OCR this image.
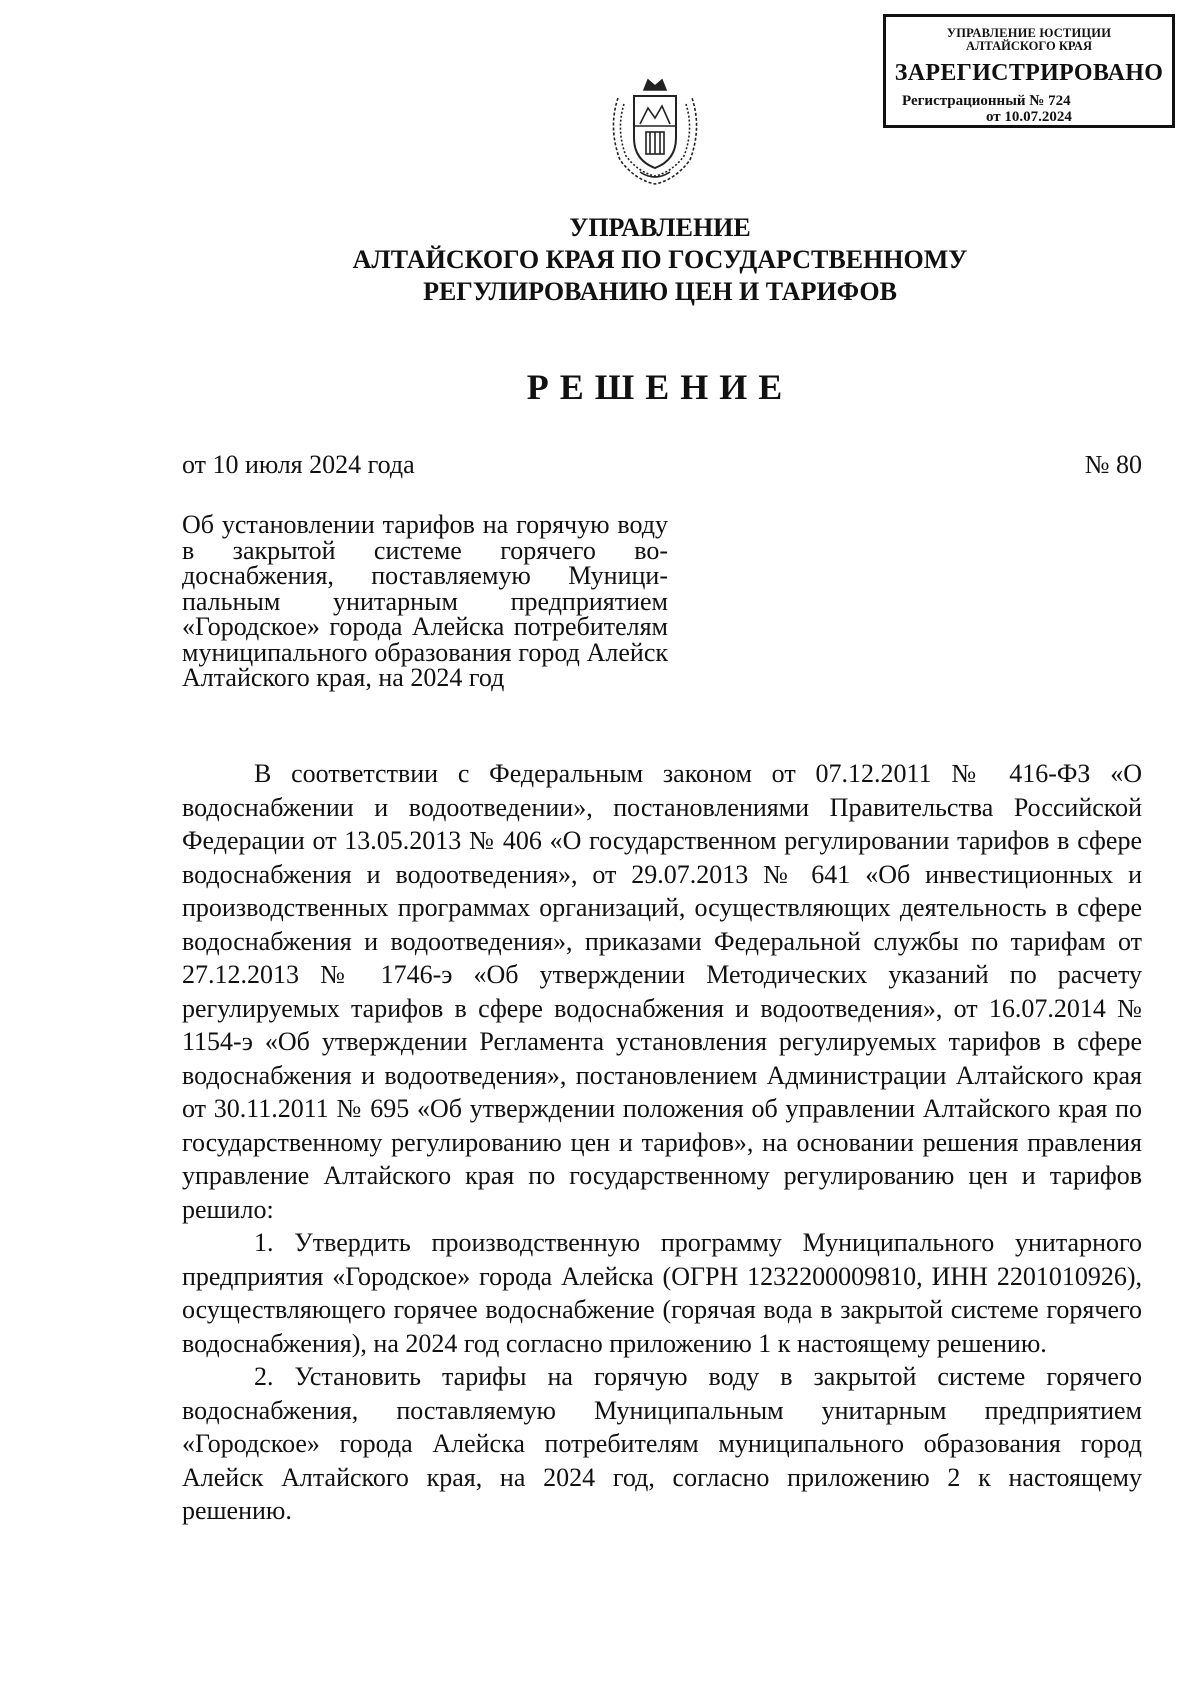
УПРАВЛЕНИЕ ЮСТИЦИИ
АЛТАЙСКОГО КРАЯ
ЗАРЕГИСТРИРОВАНО
Регистрационный № 724
от 10.07.2024
УПРАВЛЕНИЕ
АЛТАЙСКОГО КРАЯ ПО ГОСУДАРСТВЕННОМУ
РЕГУЛИРОВАНИЮ ЦЕН И ТАРИФОВ
РЕШЕНИЕ
от 10 июля 2024 года	№ 80
Об установлении тарифов на горячую воду в закрытой системе горячего водоснабжения, поставляемую Муниципальным унитарным предприятием «Городское» города Алейска потребителям муниципального образования город Алейск Алтайского края, на 2024 год

В соответствии с Федеральным законом от 07.12.2011 № 416-ФЗ «О водоснабжении и водоотведении», постановлениями Правительства Российской Федерации от 13.05.2013 № 406 «О государственном регулировании тарифов в сфере водоснабжения и водоотведения», от 29.07.2013 № 641 «Об инвестиционных и производственных программах организаций, осуществляющих деятельность в сфере водоснабжения и водоотведения», приказами Федеральной службы по тарифам от 27.12.2013 № 1746-э «Об утверждении Методических указаний по расчету регулируемых тарифов в сфере водоснабжения и водоотведения», от 16.07.2014 № 1154-э «Об утверждении Регламента установления регулируемых тарифов в сфере водоснабжения и водоотведения», постановлением Администрации Алтайского края от 30.11.2011 № 695 «Об утверждении положения об управлении Алтайского края по государственному регулированию цен и тарифов», на основании решения правления управление Алтайского края по государственному регулированию цен и тарифов решило:

1. Утвердить производственную программу Муниципального унитарного предприятия «Городское» города Алейска (ОГРН 1232200009810, ИНН 2201010926), осуществляющего горячее водоснабжение (горячая вода в закрытой системе горячего водоснабжения), на 2024 год согласно приложению 1 к настоящему решению.

2. Установить тарифы на горячую воду в закрытой системе горячего водоснабжения, поставляемую Муниципальным унитарным предприятием «Городское» города Алейска потребителям муниципального образования город Алейск Алтайского края, на 2024 год, согласно приложению 2 к настоящему решению.
